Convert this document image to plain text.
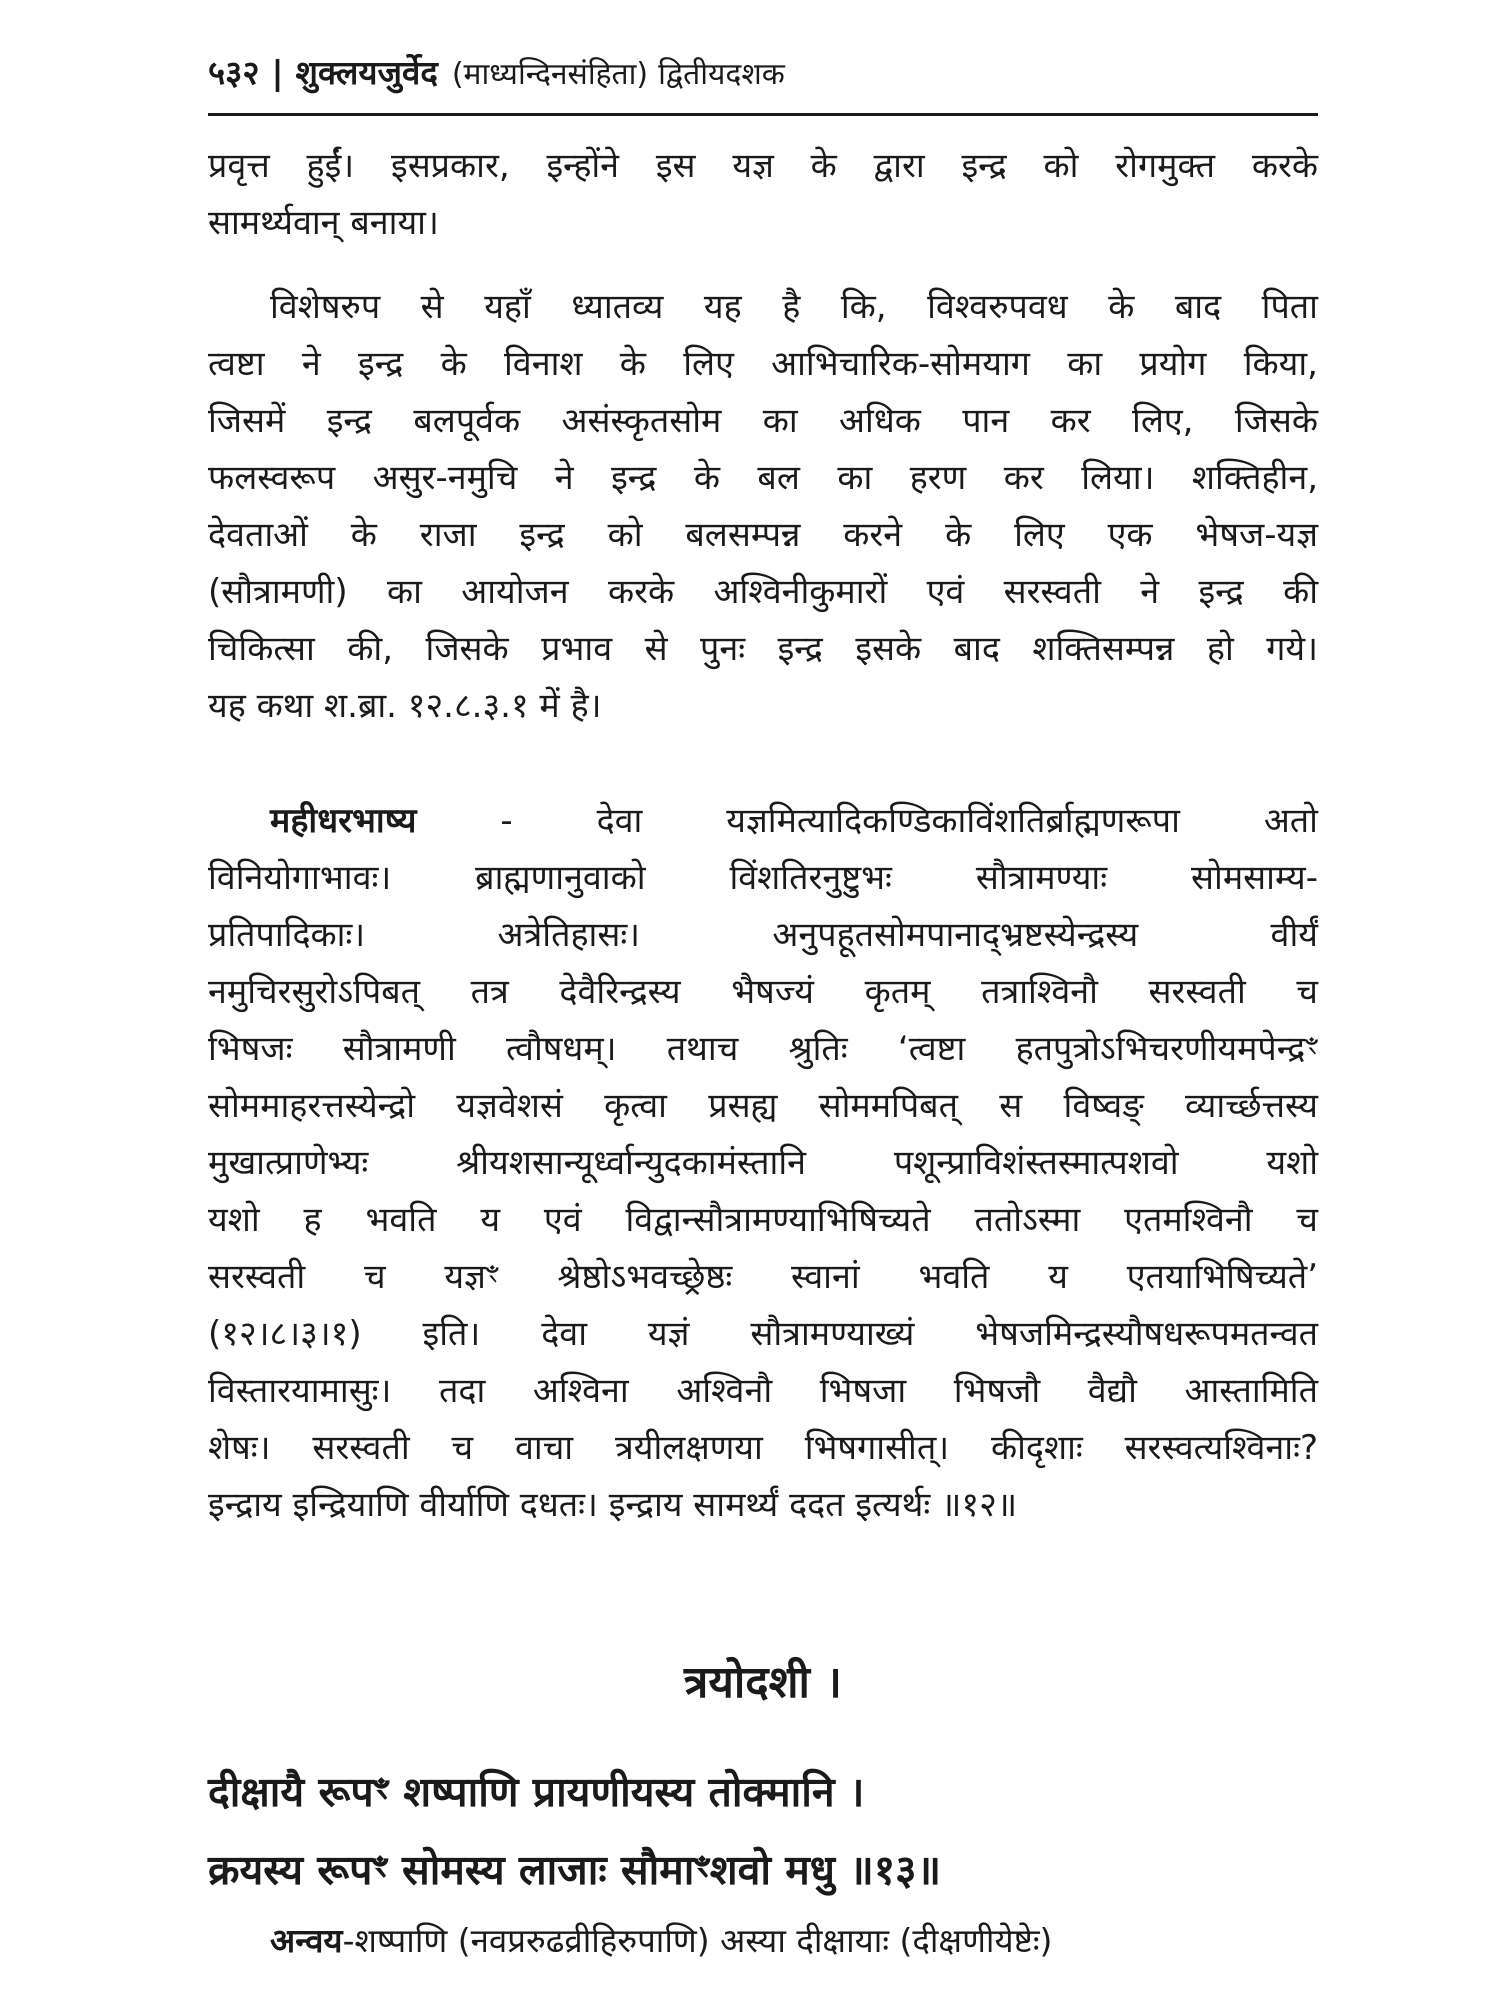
५३२ | शुक्लयजुर्वेद (माध्यन्दिनसंहिता) द्वितीयदशक

प्रवृत्त हुईं। इसप्रकार, इन्होंने इस यज्ञ के द्वारा इन्द्र को रोगमुक्त करके
सामर्थ्यवान् बनाया।

विशेषरुप से यहाँ ध्यातव्य यह है कि, विश्वरुपवध के बाद पिता
त्वष्टा ने इन्द्र के विनाश के लिए आभिचारिक-सोमयाग का प्रयोग किया,
जिसमें इन्द्र बलपूर्वक असंस्कृतसोम का अधिक पान कर लिए, जिसके
फलस्वरूप असुर-नमुचि ने इन्द्र के बल का हरण कर लिया। शक्तिहीन,
देवताओं के राजा इन्द्र को बलसम्पन्न करने के लिए एक भेषज-यज्ञ
(सौत्रामणी) का आयोजन करके अश्विनीकुमारों एवं सरस्वती ने इन्द्र की
चिकित्सा की, जिसके प्रभाव से पुनः इन्द्र इसके बाद शक्तिसम्पन्न हो गये।
यह कथा श.ब्रा. १२.८.३.१ में है।

महीधरभाष्य - देवा यज्ञमित्यादिकण्डिकाविंशतिर्ब्राह्मणरूपा अतो
विनियोगाभावः। ब्राह्मणानुवाको विंशतिरनुष्टुभः सौत्रामण्याः सोमसाम्य-
प्रतिपादिकाः। अत्रेतिहासः। अनुपहूतसोमपानाद्भ्रष्टस्येन्द्रस्य वीर्यं
नमुचिरसुरोऽपिबत् तत्र देवैरिन्द्रस्य भैषज्यं कृतम् तत्राश्विनौ सरस्वती च
भिषजः सौत्रामणी त्वौषधम्। तथाच श्रुतिः ‘त्वष्टा हतपुत्रोऽभिचरणीयमपेन्द्रꣳ
सोममाहरत्तस्येन्द्रो यज्ञवेशसं कृत्वा प्रसह्य सोममपिबत् स विष्वङ् व्यार्च्छत्तस्य
मुखात्प्राणेभ्यः श्रीयशसान्यूर्ध्वान्युदकामंस्तानि पशून्प्राविशंस्तस्मात्पशवो यशो
यशो ह भवति य एवं विद्वान्सौत्रामण्याभिषिच्यते ततोऽस्मा एतमश्विनौ च
सरस्वती च यज्ञꣳ श्रेष्ठोऽभवच्छ्रेष्ठः स्वानां भवति य एतयाभिषिच्यते’
(१२।८।३।१) इति। देवा यज्ञं सौत्रामण्याख्यं भेषजमिन्द्रस्यौषधरूपमतन्वत
विस्तारयामासुः। तदा अश्विना अश्विनौ भिषजा भिषजौ वैद्यौ आस्तामिति
शेषः। सरस्वती च वाचा त्रयीलक्षणया भिषगासीत्। कीदृशाः सरस्वत्यश्विनाः?
इन्द्राय इन्द्रियाणि वीर्याणि दधतः। इन्द्राय सामर्थ्यं ददत इत्यर्थः ॥१२॥

त्रयोदशी ।
दीक्षायै रूपꣳ शष्पाणि प्रायणीयस्य तोक्मानि ।
क्रयस्य रूपꣳ सोमस्य लाजाः सौमाꣳशवो मधु ॥१३॥
अन्वय-शष्पाणि (नवप्ररुढव्रीहिरुपाणि) अस्या दीक्षायाः (दीक्षणीयेष्टेः)
